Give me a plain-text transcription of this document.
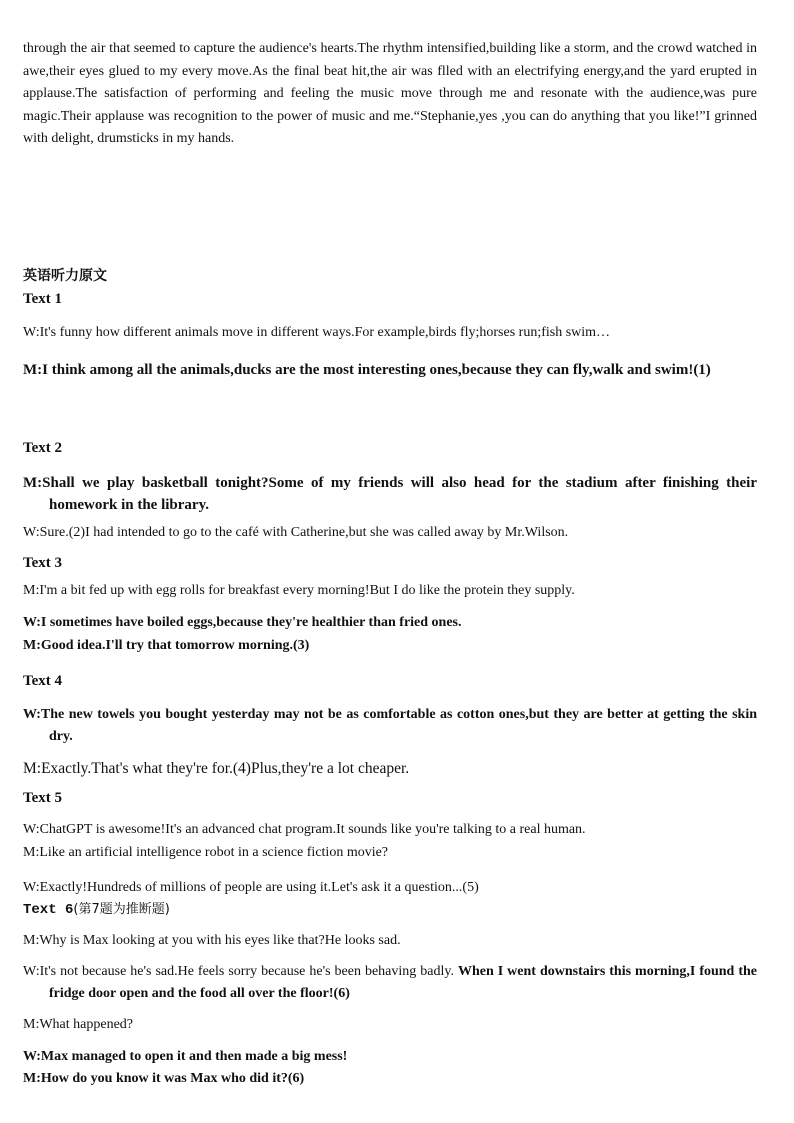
through the air that seemed to capture the audience's hearts.The rhythm intensified,building like a storm, and the crowd watched in awe,their eyes glued to my every move.As the final beat hit,the air was flled with an electrifying energy,and the yard erupted in applause.The satisfaction of performing and feeling the music move through me and resonate with the audience,was pure magic.Their applause was recognition to the power of music and me.“Stephanie,yes ,you can do anything that you like!”I grinned with delight, drumsticks in my hands.

英语听力原文
Text 1

W:It's funny how different animals move in different ways.For example,birds fly;horses run;fish swim…

M:I think among all the animals,ducks are the most interesting ones,because they can fly,walk and swim!(1)

Text 2

M:Shall we play basketball tonight?Some of my friends will also head for the stadium after finishing their homework in the library.

W:Sure.(2)I had intended to go to the café with Catherine,but she was called away by Mr.Wilson.

Text 3

M:I'm a bit fed up with egg rolls for breakfast every morning!But I do like the protein they supply.

W:I sometimes have boiled eggs,because they're healthier than fried ones.

M:Good idea.I'll try that tomorrow morning.(3)

Text 4

W:The new towels you bought yesterday may not be as comfortable as cotton ones,but they are better at getting the skin dry.

M:Exactly.That's what they're for.(4)Plus,they're a lot cheaper.

Text 5

W:ChatGPT is awesome!It's an advanced chat program.It sounds like you're talking to a real human.

M:Like an artificial intelligence robot in a science fiction movie?

W:Exactly!Hundreds of millions of people are using it.Let's ask it a question...(5)

Text 6(第7题为推断题)

M:Why is Max looking at you with his eyes like that?He looks sad.

W:It's not because he's sad.He feels sorry because he's been behaving badly. When I went downstairs this morning,I found the fridge door open and the food all over the floor!(6)

M:What happened?

W:Max managed to open it and then made a big mess!

M:How do you know it was Max who did it?(6)
